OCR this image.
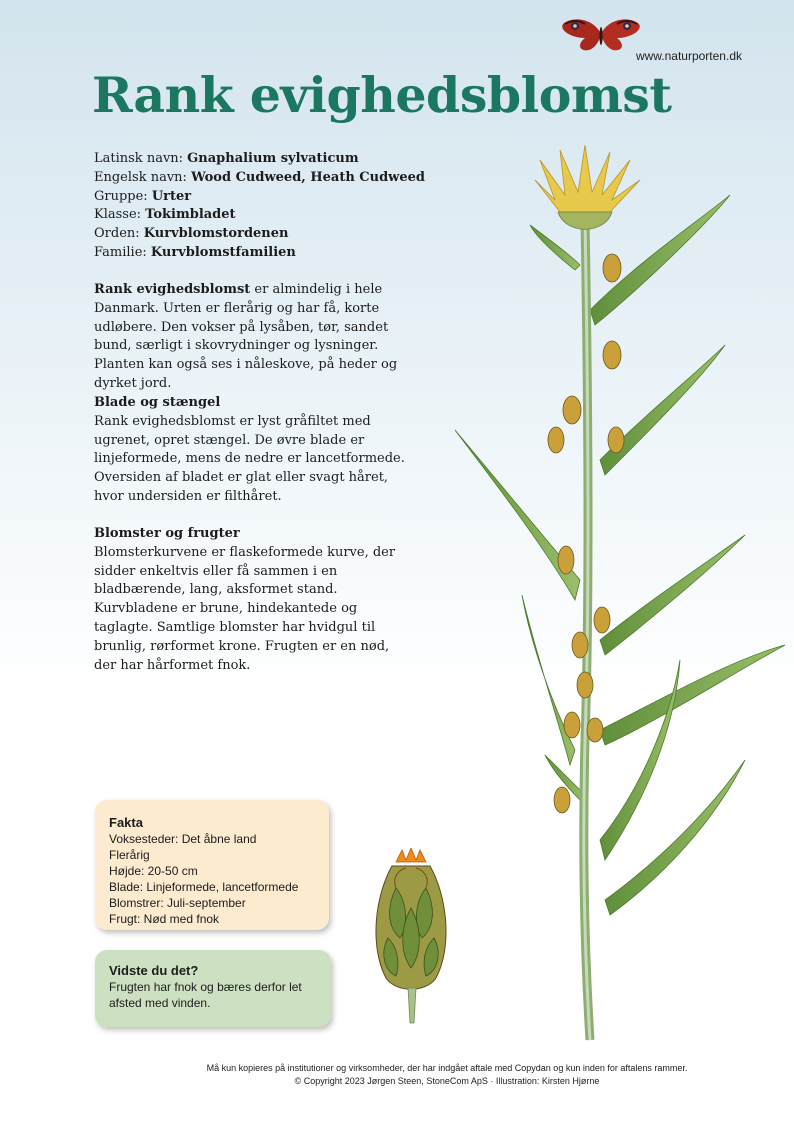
www.naturporten.dk
Rank evighedsblomst
Latinsk navn: Gnaphalium sylvaticum
Engelsk navn: Wood Cudweed, Heath Cudweed
Gruppe: Urter
Klasse: Tokimbladet
Orden: Kurvblomstordenen
Familie: Kurvblomstfamilien

Rank evighedsblomst er almindelig i hele Danmark. Urten er flerårig og har få, korte udløbere. Den vokser på lysåben, tør, sandet bund, særligt i skovrydninger og lysninger. Planten kan også ses i nåleskove, på heder og dyrket jord.

Blade og stængel

Rank evighedsblomst er lyst gråfiltet med ugrenet, opret stængel. De øvre blade er linjeformede, mens de nedre er lancetformede. Oversiden af bladet er glat eller svagt håret, hvor undersiden er filthåret.

Blomster og frugter

Blomsterkurvene er flaskeformede kurve, der sidder enkeltvis eller få sammen i en bladbærende, lang, aksformet stand. Kurvbladene er brune, hindekantede og taglagte. Samtlige blomster har hvidgul til brunlig, rørformet krone. Frugten er en nød, der har hårformet fnok.

Fakta
Voksesteder: Det åbne land
Flerårig
Højde: 20-50 cm
Blade: Linjeformede, lancetformede
Blomstrer: Juli-september
Frugt: Nød med fnok
Vidste du det?

Frugten har fnok og bæres derfor let afsted med vinden.

Må kun kopieres på institutioner og virksomheder, der har indgået aftale med Copydan og kun inden for aftalens rammer.
© Copyright 2023 Jørgen Steen, StoneCom ApS · Illustration: Kirsten Hjørne
